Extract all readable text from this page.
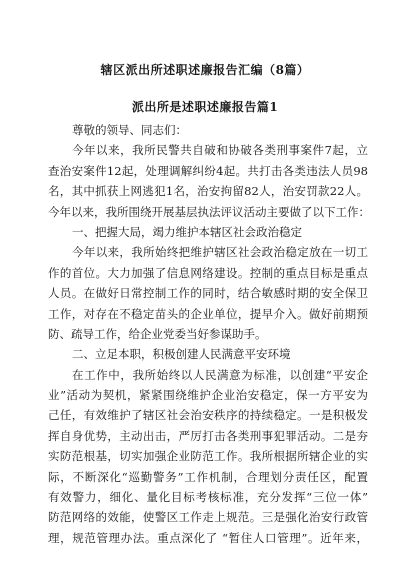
辖区派出所述职述廉报告汇编（8篇）
派出所是述职述廉报告篇1
尊敬的领导、同志们：
今年以来，我所民警共自破和协破各类刑事案件7起，立
查治安案件12起，处理调解纠纷4起。共打击各类违法人员98
名，其中抓获上网逃犯1名，治安拘留82人，治安罚款22人。
今年以来，我所围绕开展基层执法评议活动主要做了以下工作：
一、把握大局，竭力维护本辖区社会政治稳定
今年以来，我所始终把维护辖区社会政治稳定放在一切工
作的首位。大力加强了信息网络建设。控制的重点目标是重点
人员。在做好日常控制工作的同时，结合敏感时期的安全保卫
工作，对存在不稳定苗头的企业单位，提早介入。做好前期预
防、疏导工作，给企业党委当好参谋助手。
二、立足本职，积极创建人民满意平安环境
在工作中，我所始终以人民满意为标准，以创建“平安企
业”活动为契机，紧紧围绕维护企业治安稳定，保一方平安为
己任，有效维护了辖区社会治安秩序的持续稳定。一是积极发
挥自身优势，主动出击，严厉打击各类刑事犯罪活动。二是夯
实防范根基，切实加强企业防范工作。我所根据所辖企业的实
际，不断深化“巡勤警务”工作机制，合理划分责任区，配置
有效警力，细化、量化目标考核标准，充分发挥“三位一体”
防范网络的效能，使警区工作走上规范。三是强化治安行政管
理，规范管理办法。重点深化了 “暂住人口管理”。近年来，
